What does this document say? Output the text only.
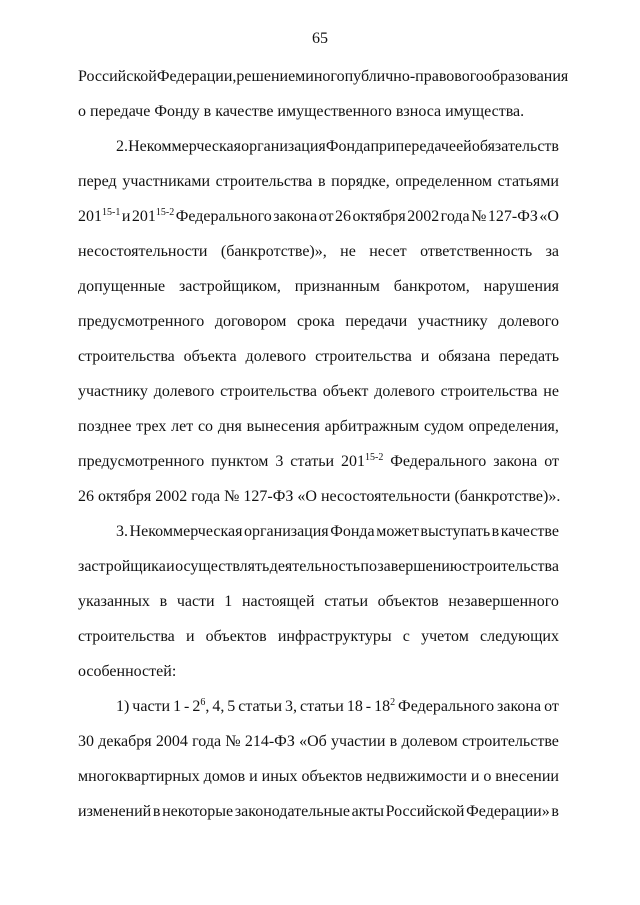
65
Российской Федерации, решением иного публично-правового образования
о передаче Фонду в качестве имущественного взноса имущества.
2. Некоммерческая организация Фонда при передаче ей обязательств
перед участниками строительства в порядке, определенном статьями
201$^{15-1}$ и 201$^{15-2}$ Федерального закона от 26 октября 2002 года № 127-ФЗ «О
несостоятельности (банкротстве)», не несет ответственность за
допущенные застройщиком, признанным банкротом, нарушения
предусмотренного договором срока передачи участнику долевого
строительства объекта долевого строительства и обязана передать
участнику долевого строительства объект долевого строительства не
позднее трех лет со дня вынесения арбитражным судом определения,
предусмотренного пунктом 3 статьи 201$^{15-2}$ Федерального закона от
26 октября 2002 года № 127-ФЗ «О несостоятельности (банкротстве)».
3. Некоммерческая организация Фонда может выступать в качестве
застройщика и осуществлять деятельность по завершению строительства
указанных в части 1 настоящей статьи объектов незавершенного
строительства и объектов инфраструктуры с учетом следующих
особенностей:
1) части $1 - 2^6$, 4, 5 статьи 3, статьи $18 - 18^2$ Федерального закона от
30 декабря 2004 года № 214-ФЗ «Об участии в долевом строительстве
многоквартирных домов и иных объектов недвижимости и о внесении
изменений в некоторые законодательные акты Российской Федерации» в
